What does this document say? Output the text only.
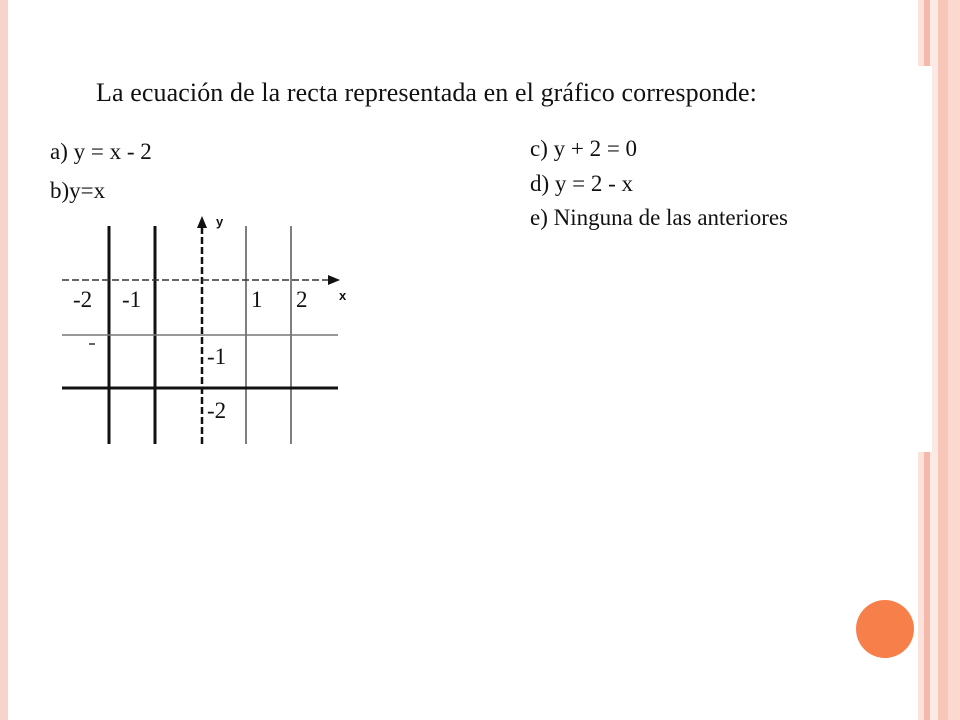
La ecuación de la recta representada en el gráfico corresponde:
a) y = x - 2
b)y=x
c) y + 2 = 0
d) y = 2 - x
e) Ninguna de las anteriores
y
x
-2 -1	1 2
-1
-2
